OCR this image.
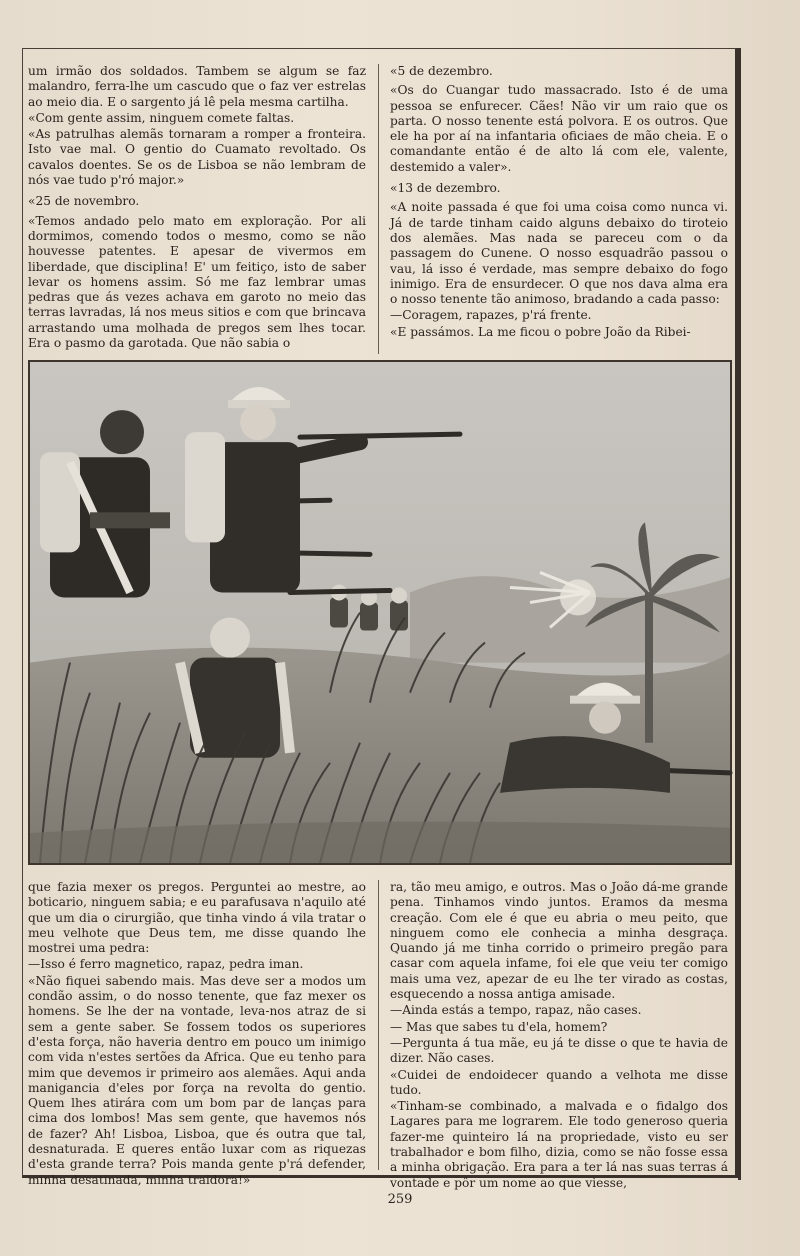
um irmão dos soldados. Tambem se algum se faz malandro, ferra-lhe um cascudo que o faz ver estrelas ao meio dia. E o sargento já lê pela mesma cartilha.

«Com gente assim, ninguem comete faltas.

«As patrulhas alemãs tornaram a romper a fronteira. Isto vae mal. O gentio do Cuamato revoltado. Os cavalos doentes. Se os de Lisboa se não lembram de nós vae tudo p'ró major.»

«25 de novembro.

«Temos andado pelo mato em exploração. Por ali dormimos, comendo todos o mesmo, como se não houvesse patentes. E apesar de vivermos em liberdade, que disciplina! E' um feitiço, isto de saber levar os homens assim. Só me faz lembrar umas pedras que ás vezes achava em garoto no meio das terras lavradas, lá nos meus sitios e com que brincava arrastando uma molhada de pregos sem lhes tocar. Era o pasmo da garotada. Que não sabia o

«5 de dezembro.

«Os do Cuangar tudo massacrado. Isto é de uma pessoa se enfurecer. Cães! Não vir um raio que os parta. O nosso tenente está polvora. E os outros. Que ele ha por aí na infantaria oficiaes de mão cheia. E o comandante então é de alto lá com ele, valente, destemido a valer».

«13 de dezembro.

«A noite passada é que foi uma coisa como nunca vi. Já de tarde tinham caido alguns debaixo do tiroteio dos alemães. Mas nada se pareceu com o da passagem do Cunene. O nosso esquadrão passou o vau, lá isso é verdade, mas sempre debaixo do fogo inimigo. Era de ensurdecer. O que nos dava alma era o nosso tenente tão animoso, bradando a cada passo:

—Coragem, rapazes, p'rá frente.

«E passámos. La me ficou o pobre João da Ribei-

que fazia mexer os pregos. Perguntei ao mestre, ao boticario, ninguem sabia; e eu parafusava n'aquilo até que um dia o cirurgião, que tinha vindo á vila tratar o meu velhote que Deus tem, me disse quando lhe mostrei uma pedra:

—Isso é ferro magnetico, rapaz, pedra iman.

«Não fiquei sabendo mais. Mas deve ser a modos um condão assim, o do nosso tenente, que faz mexer os homens. Se lhe der na vontade, leva-nos atraz de si sem a gente saber. Se fossem todos os superiores d'esta força, não haveria dentro em pouco um inimigo com vida n'estes sertões da Africa. Que eu tenho para mim que devemos ir primeiro aos alemães. Aqui anda manigancia d'eles por força na revolta do gentio. Quem lhes atirára com um bom par de lanças para cima dos lombos! Mas sem gente, que havemos nós de fazer? Ah! Lisboa, Lisboa, que és outra que tal, desnaturada. E queres então luxar com as riquezas d'esta grande terra? Pois manda gente p'rá defender, minha desatinada, minha traidora!»

ra, tão meu amigo, e outros. Mas o João dá-me grande pena. Tinhamos vindo juntos. Eramos da mesma creação. Com ele é que eu abria o meu peito, que ninguem como ele conhecia a minha desgraça. Quando já me tinha corrido o primeiro pregão para casar com aquela infame, foi ele que veiu ter comigo mais uma vez, apezar de eu lhe ter virado as costas, esquecendo a nossa antiga amisade.

—Ainda estás a tempo, rapaz, não cases.

— Mas que sabes tu d'ela, homem?

—Pergunta á tua mãe, eu já te disse o que te havia de dizer. Não cases.

«Cuidei de endoidecer quando a velhota me disse tudo.

«Tinham-se combinado, a malvada e o fidalgo dos Lagares para me lograrem. Ele todo generoso queria fazer-me quinteiro lá na propriedade, visto eu ser trabalhador e bom filho, dizia, como se não fosse essa a minha obrigação. Era para a ter lá nas suas terras á vontade e pôr um nome ao que viesse,

259
